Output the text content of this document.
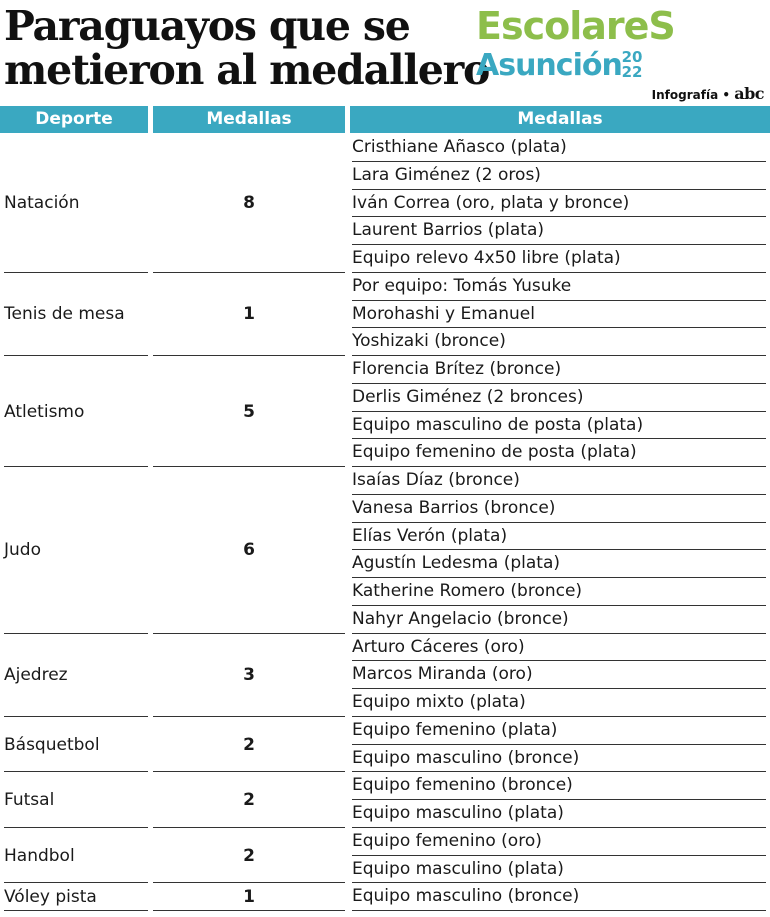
Paraguayos que se
metieron al medallero
EscolareS
Asunción 20
22
Infografía • abc
Deporte	Medallas	Medallas
Natación	8
Cristhiane Añasco (plata)
Lara Giménez (2 oros)
Iván Correa (oro, plata y bronce)
Laurent Barrios (plata)
Equipo relevo 4x50 libre (plata)
Tenis de mesa	1
Por equipo: Tomás Yusuke
Morohashi y Emanuel
Yoshizaki (bronce)
Atletismo	5
Florencia Brítez (bronce)
Derlis Giménez (2 bronces)
Equipo masculino de posta (plata)
Equipo femenino de posta (plata)
Judo	6
Isaías Díaz (bronce)
Vanesa Barrios (bronce)
Elías Verón (plata)
Agustín Ledesma (plata)
Katherine Romero (bronce)
Nahyr Angelacio (bronce)
Ajedrez	3
Arturo Cáceres (oro)
Marcos Miranda (oro)
Equipo mixto (plata)
Básquetbol	2
Equipo femenino (plata)
Equipo masculino (bronce)
Futsal	2
Equipo femenino (bronce)
Equipo masculino (plata)
Handbol	2
Equipo femenino (oro)
Equipo masculino (plata)
Vóley pista	1	Equipo masculino (bronce)
